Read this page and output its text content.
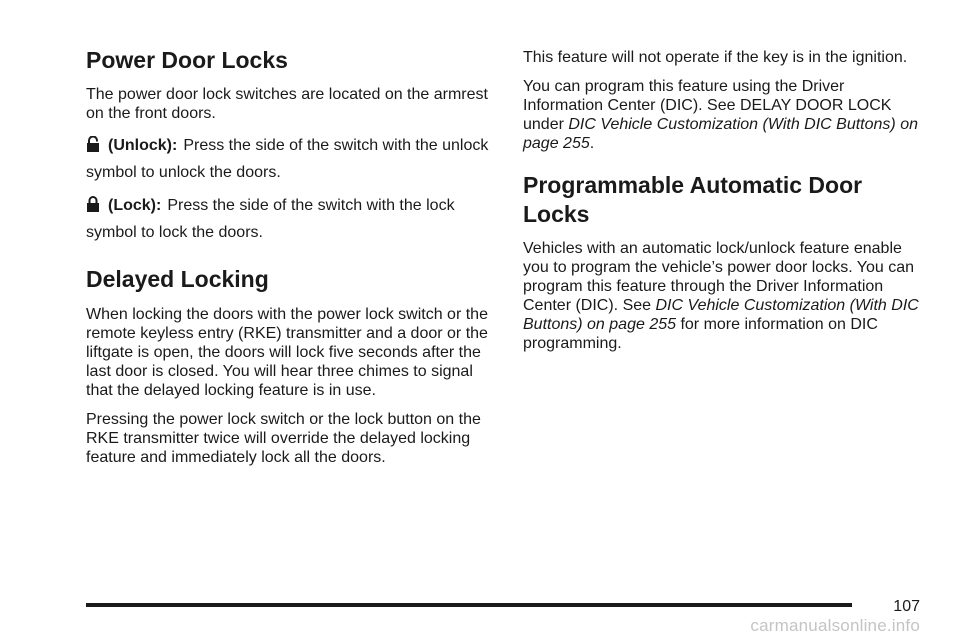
Power Door Locks

The power door lock switches are located on the armrest on the front doors.

(Unlock): Press the side of the switch with the unlock symbol to unlock the doors.

(Lock): Press the side of the switch with the lock symbol to lock the doors.

Delayed Locking

When locking the doors with the power lock switch or the remote keyless entry (RKE) transmitter and a door or the liftgate is open, the doors will lock five seconds after the last door is closed. You will hear three chimes to signal that the delayed locking feature is in use.

Pressing the power lock switch or the lock button on the RKE transmitter twice will override the delayed locking feature and immediately lock all the doors.

This feature will not operate if the key is in the ignition.

You can program this feature using the Driver Information Center (DIC). See DELAY DOOR LOCK under DIC Vehicle Customization (With DIC Buttons) on page 255.

Programmable Automatic Door Locks

Vehicles with an automatic lock/unlock feature enable you to program the vehicle’s power door locks. You can program this feature through the Driver Information Center (DIC). See DIC Vehicle Customization (With DIC Buttons) on page 255 for more information on DIC programming.

107
carmanualsonline.info
